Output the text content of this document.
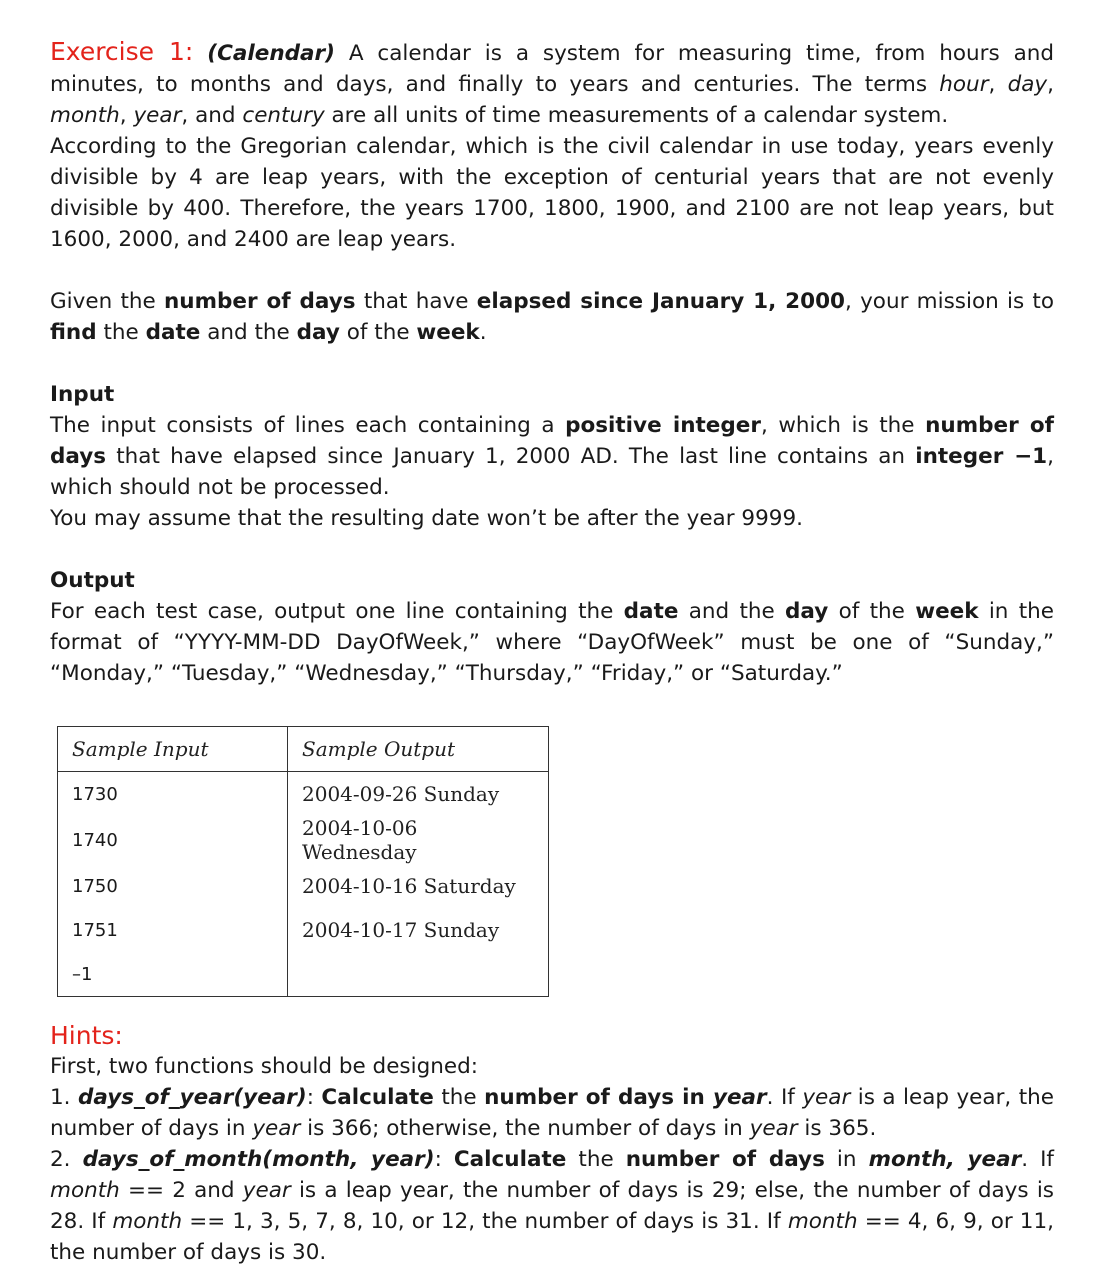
Exercise 1: (Calendar) A calendar is a system for measuring time, from hours and minutes, to months and days, and finally to years and centuries. The terms hour, day, month, year, and century are all units of time measurements of a calendar system.

According to the Gregorian calendar, which is the civil calendar in use today, years evenly divisible by 4 are leap years, with the exception of centurial years that are not evenly divisible by 400. Therefore, the years 1700, 1800, 1900, and 2100 are not leap years, but 1600, 2000, and 2400 are leap years.

Given the number of days that have elapsed since January 1, 2000, your mission is to find the date and the day of the week.

Input

The input consists of lines each containing a positive integer, which is the number of days that have elapsed since January 1, 2000 AD. The last line contains an integer −1, which should not be processed.

You may assume that the resulting date won’t be after the year 9999.

Output

For each test case, output one line containing the date and the day of the week in the format of “YYYY-MM-DD DayOfWeek,” where “DayOfWeek” must be one of “Sunday,” “Monday,” “Tuesday,” “Wednesday,” “Thursday,” “Friday,” or “Saturday.”

Sample Input	Sample Output
1730	2004-09-26 Sunday
1740	2004-10-06 Wednesday
1750	2004-10-16 Saturday
1751	2004-10-17 Sunday
–1	

Hints:

First, two functions should be designed:

1. days_of_year(year): Calculate the number of days in year. If year is a leap year, the number of days in year is 366; otherwise, the number of days in year is 365.

2. days_of_month(month, year): Calculate the number of days in month, year. If month == 2 and year is a leap year, the number of days is 29; else, the number of days is 28. If month == 1, 3, 5, 7, 8, 10, or 12, the number of days is 31. If month == 4, 6, 9, or 11, the number of days is 30.
